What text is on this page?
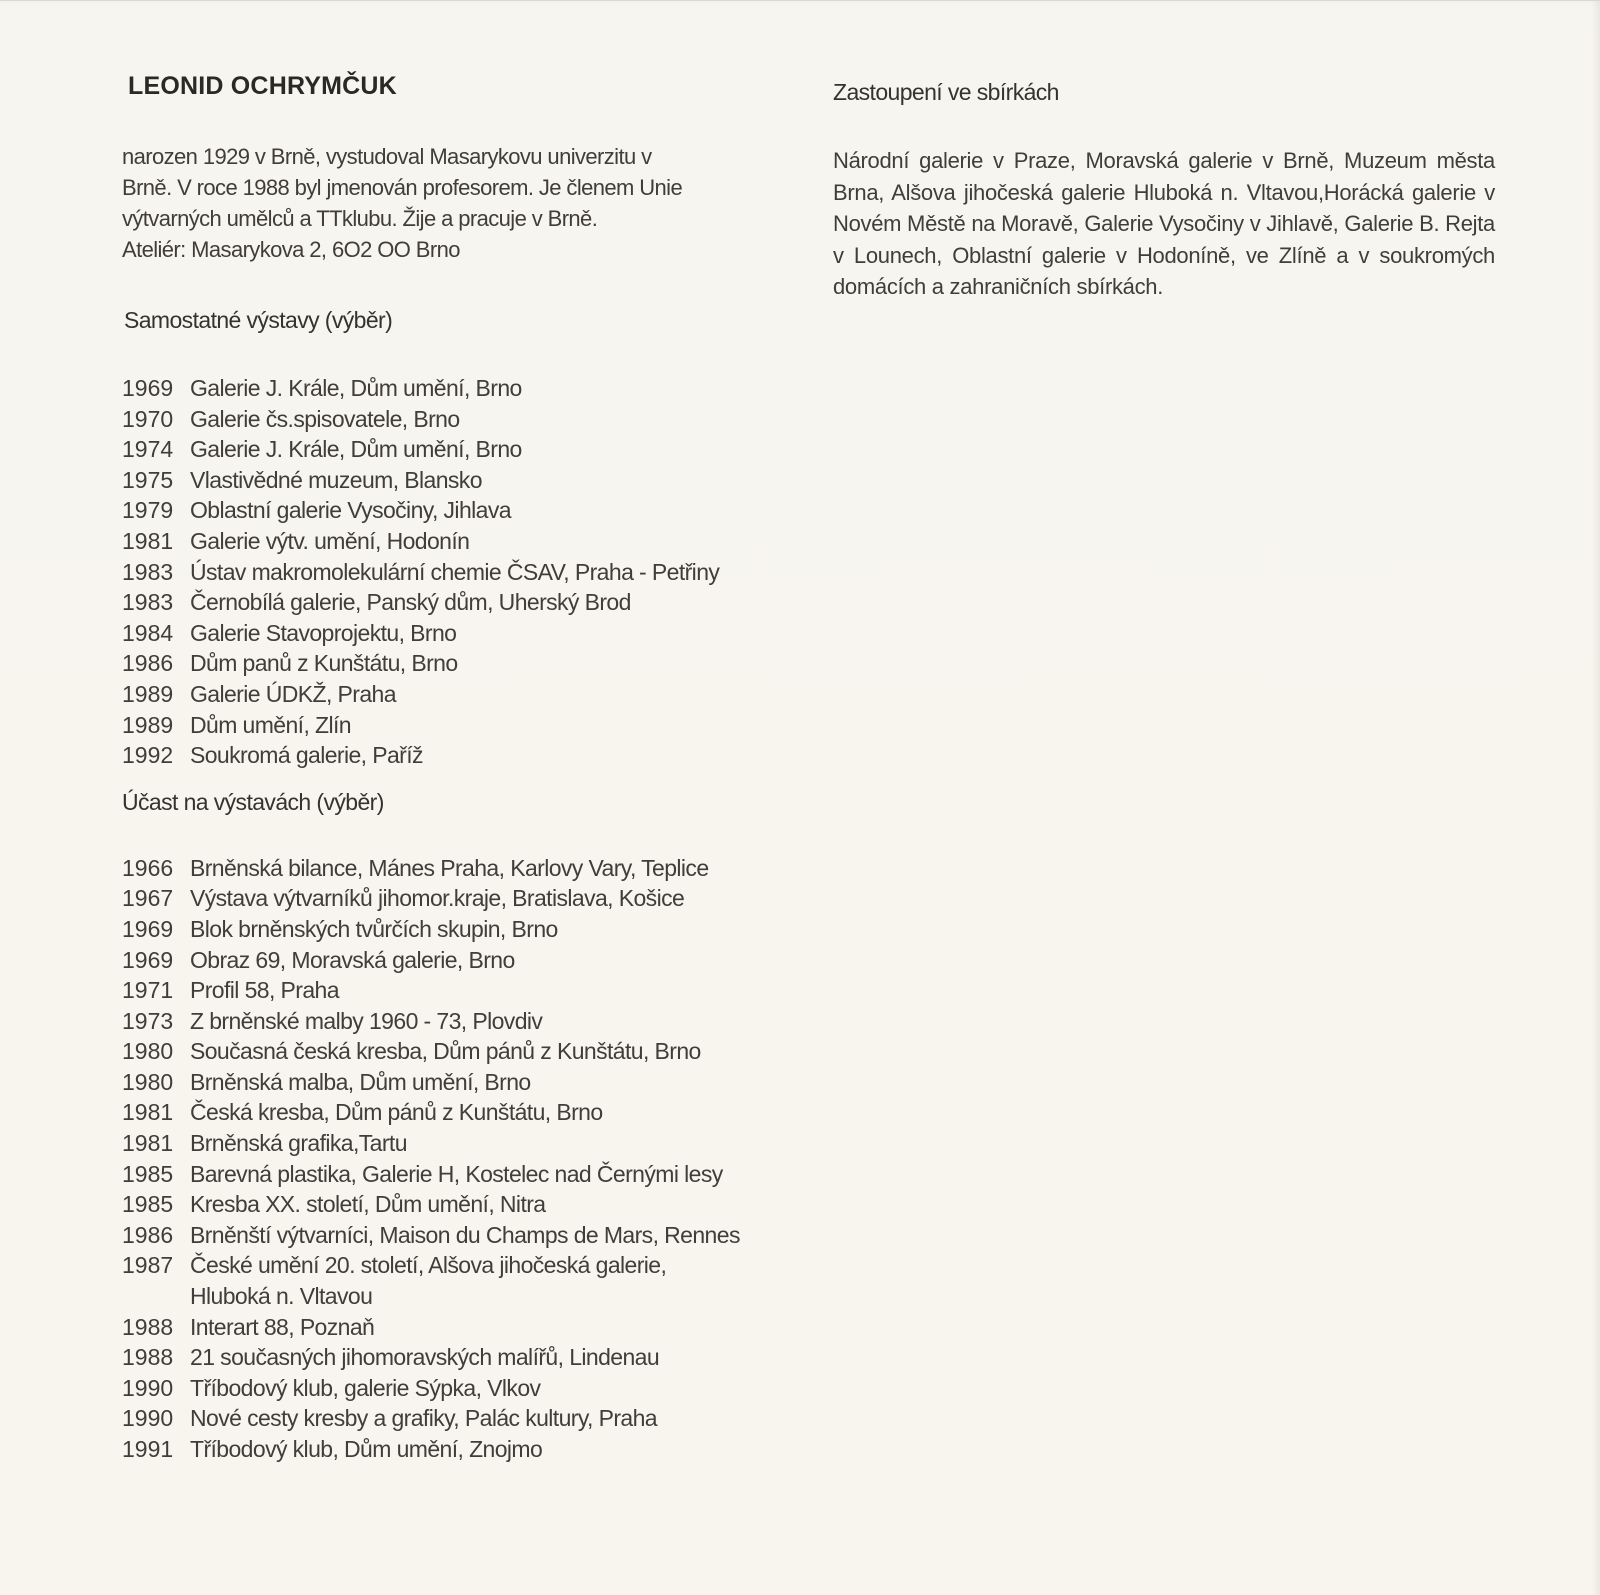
LEONID OCHRYMČUK

narozen 1929 v Brně, vystudoval Masarykovu univerzitu v

Brně. V roce 1988 byl jmenován profesorem. Je členem Unie

výtvarných umělců a TTklubu. Žije a pracuje v Brně.

Ateliér: Masarykova 2, 6O2 OO Brno

Samostatné výstavy (výběr)
1969 Galerie J. Krále, Dům umění, Brno
1970 Galerie čs.spisovatele, Brno
1974 Galerie J. Krále, Dům umění, Brno
1975 Vlastivědné muzeum, Blansko
1979 Oblastní galerie Vysočiny, Jihlava
1981 Galerie výtv. umění, Hodonín
1983 Ústav makromolekulární chemie ČSAV, Praha - Petřiny
1983 Černobílá galerie, Panský dům, Uherský Brod
1984 Galerie Stavoprojektu, Brno
1986 Dům panů z Kunštátu, Brno
1989 Galerie ÚDKŽ, Praha
1989 Dům umění, Zlín
1992 Soukromá galerie, Paříž
Účast na výstavách (výběr)
1966 Brněnská bilance, Mánes Praha, Karlovy Vary, Teplice
1967 Výstava výtvarníků jihomor.kraje, Bratislava, Košice
1969 Blok brněnských tvůrčích skupin, Brno
1969 Obraz 69, Moravská galerie, Brno
1971 Profil 58, Praha
1973 Z brněnské malby 1960 - 73, Plovdiv
1980 Současná česká kresba, Dům pánů z Kunštátu, Brno
1980 Brněnská malba, Dům umění, Brno
1981 Česká kresba, Dům pánů z Kunštátu, Brno
1981 Brněnská grafika,Tartu
1985 Barevná plastika, Galerie H, Kostelec nad Černými lesy
1985 Kresba XX. století, Dům umění, Nitra
1986 Brněnští výtvarníci, Maison du Champs de Mars, Rennes
1987 České umění 20. století, Alšova jihočeská galerie,
Hluboká n. Vltavou
1988 Interart 88, Poznaň
1988 21 současných jihomoravských malířů, Lindenau
1990 Tříbodový klub, galerie Sýpka, Vlkov
1990 Nové cesty kresby a grafiky, Palác kultury, Praha
1991 Tříbodový klub, Dům umění, Znojmo
Zastoupení ve sbírkách

Národní galerie v Praze, Moravská galerie v Brně, Muzeum města Brna, Alšova jihočeská galerie Hluboká n. Vltavou,Horácká galerie v Novém Městě na Moravě, Galerie Vysočiny v Jihlavě, Galerie B. Rejta v Lounech, Oblastní galerie v Hodoníně, ve Zlíně a v soukromých domácích a zahraničních sbírkách.
